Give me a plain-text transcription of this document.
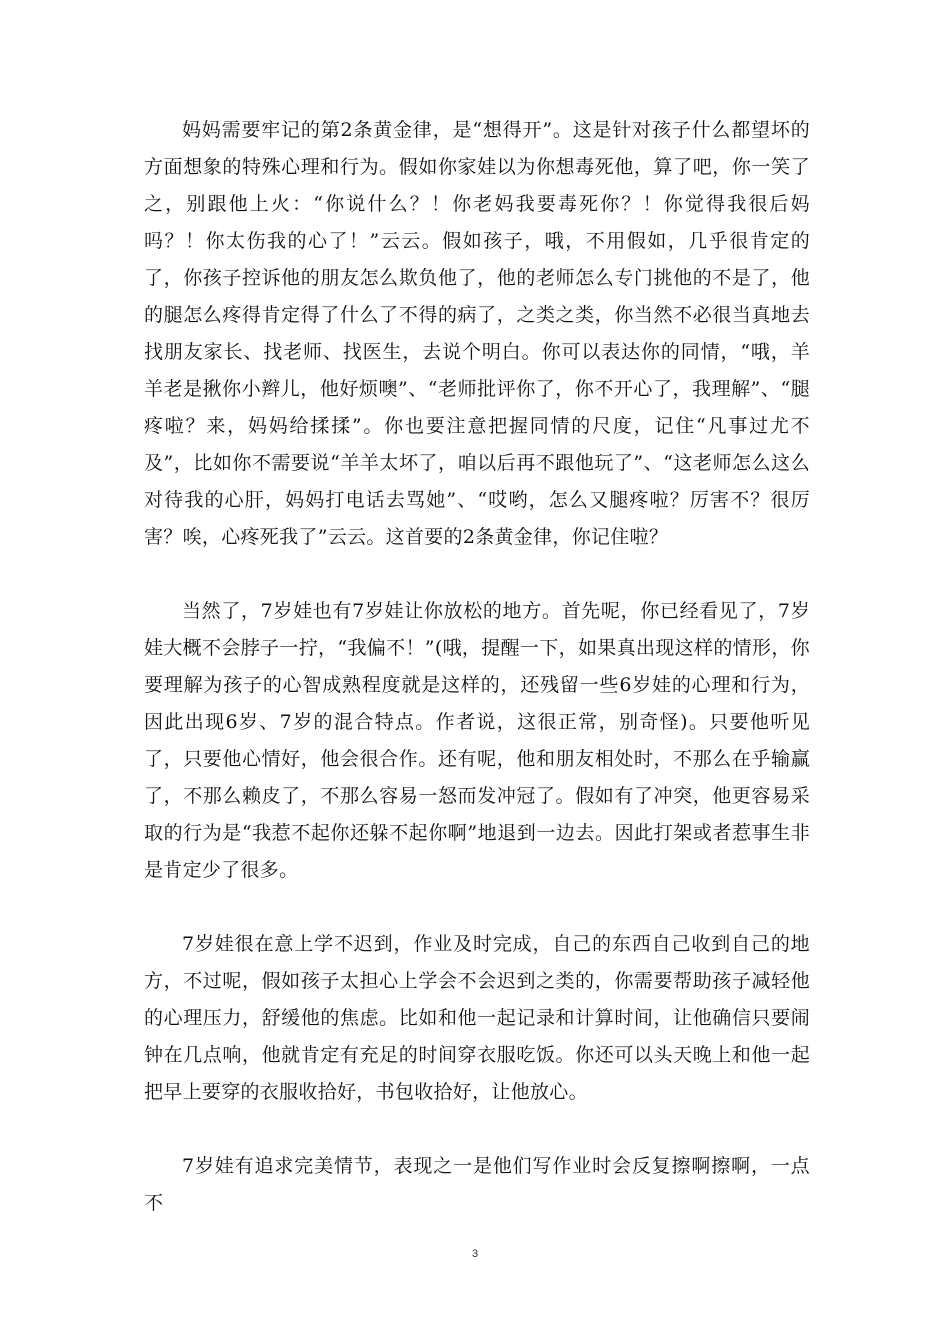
妈妈需要牢记的第2条黄金律，是“想得开”。这是针对孩子什么都望坏的方面想象的特殊心理和行为。假如你家娃以为你想毒死他，算了吧，你一笑了之，别跟他上火：“你说什么？！你老妈我要毒死你？！你觉得我很后妈吗？！你太伤我的心了！”云云。假如孩子，哦，不用假如，几乎很肯定的了，你孩子控诉他的朋友怎么欺负他了，他的老师怎么专门挑他的不是了，他的腿怎么疼得肯定得了什么了不得的病了，之类之类，你当然不必很当真地去找朋友家长、找老师、找医生，去说个明白。你可以表达你的同情，“哦，羊羊老是揪你小辫儿，他好烦噢”、“老师批评你了，你不开心了，我理解”、“腿疼啦？来，妈妈给揉揉”。你也要注意把握同情的尺度，记住“凡事过尤不及”，比如你不需要说“羊羊太坏了，咱以后再不跟他玩了”、“这老师怎么这么对待我的心肝，妈妈打电话去骂她”、“哎哟，怎么又腿疼啦？厉害不？很厉害？唉，心疼死我了”云云。这首要的2条黄金律，你记住啦？

当然了，7岁娃也有7岁娃让你放松的地方。首先呢，你已经看见了，7岁娃大概不会脖子一拧，“我偏不！”(哦，提醒一下，如果真出现这样的情形，你要理解为孩子的心智成熟程度就是这样的，还残留一些6岁娃的心理和行为，因此出现6岁、7岁的混合特点。作者说，这很正常，别奇怪)。只要他听见了，只要他心情好，他会很合作。还有呢，他和朋友相处时，不那么在乎输赢了，不那么赖皮了，不那么容易一怒而发冲冠了。假如有了冲突，他更容易采取的行为是“我惹不起你还躲不起你啊”地退到一边去。因此打架或者惹事生非是肯定少了很多。

7岁娃很在意上学不迟到，作业及时完成，自己的东西自己收到自己的地方，不过呢，假如孩子太担心上学会不会迟到之类的，你需要帮助孩子减轻他的心理压力，舒缓他的焦虑。比如和他一起记录和计算时间，让他确信只要闹钟在几点响，他就肯定有充足的时间穿衣服吃饭。你还可以头天晚上和他一起把早上要穿的衣服收拾好，书包收拾好，让他放心。

7岁娃有追求完美情节，表现之一是他们写作业时会反复擦啊擦啊，一点不

3
